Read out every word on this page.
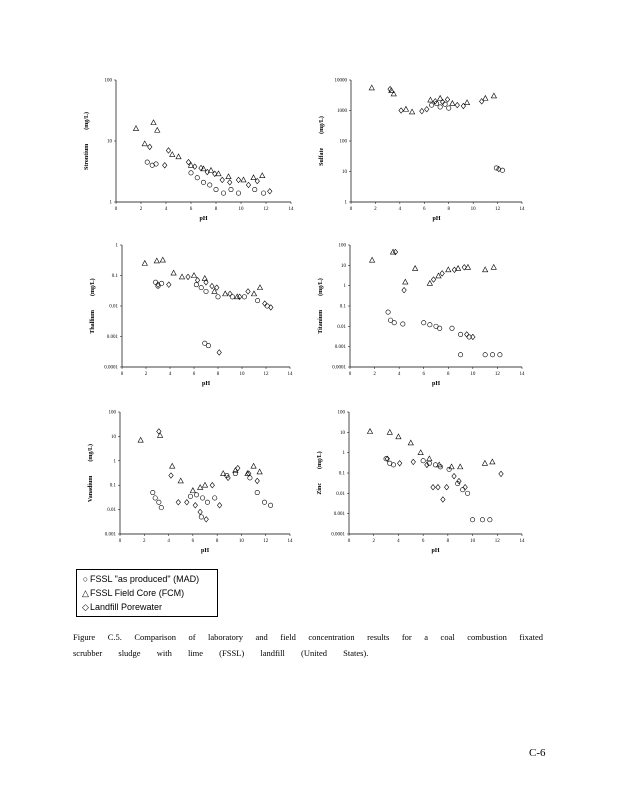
0	2	4	6	8	10	12	14
1
10
100
pH
Strontium(mg/L)
0	2	4	6	8	10	12	14
1
10
100
1000
10000
pH
Sulfate(mg/L)
0	2	4	6	8	10	12	14
0.0001
0.001
0.01
0.1
1
pH
Thallium(mg/L)
0	2	4	6	8	10	12	14
0.0001
0.001
0.01
0.1
1
10
100
pH
Titanium(mg/L)
0	2	4	6	8	10	12	14
0.001
0.01
0.1
1
10
100
pH
Vanadium(mg/L)
0	2	4	6	8	10	12	14
0.0001
0.001
0.01
0.1
1
10
100
pH
Zinc(mg/L)
○ FSSL "as produced" (MAD)
△FSSL Field Core (FCM)
◇Landfill Porewater
Figure C.5. Comparison of laboratory and field concentration results for a coal combustion fixated
scrubber sludge with lime (FSSL) landfill (United States).
C‑6
